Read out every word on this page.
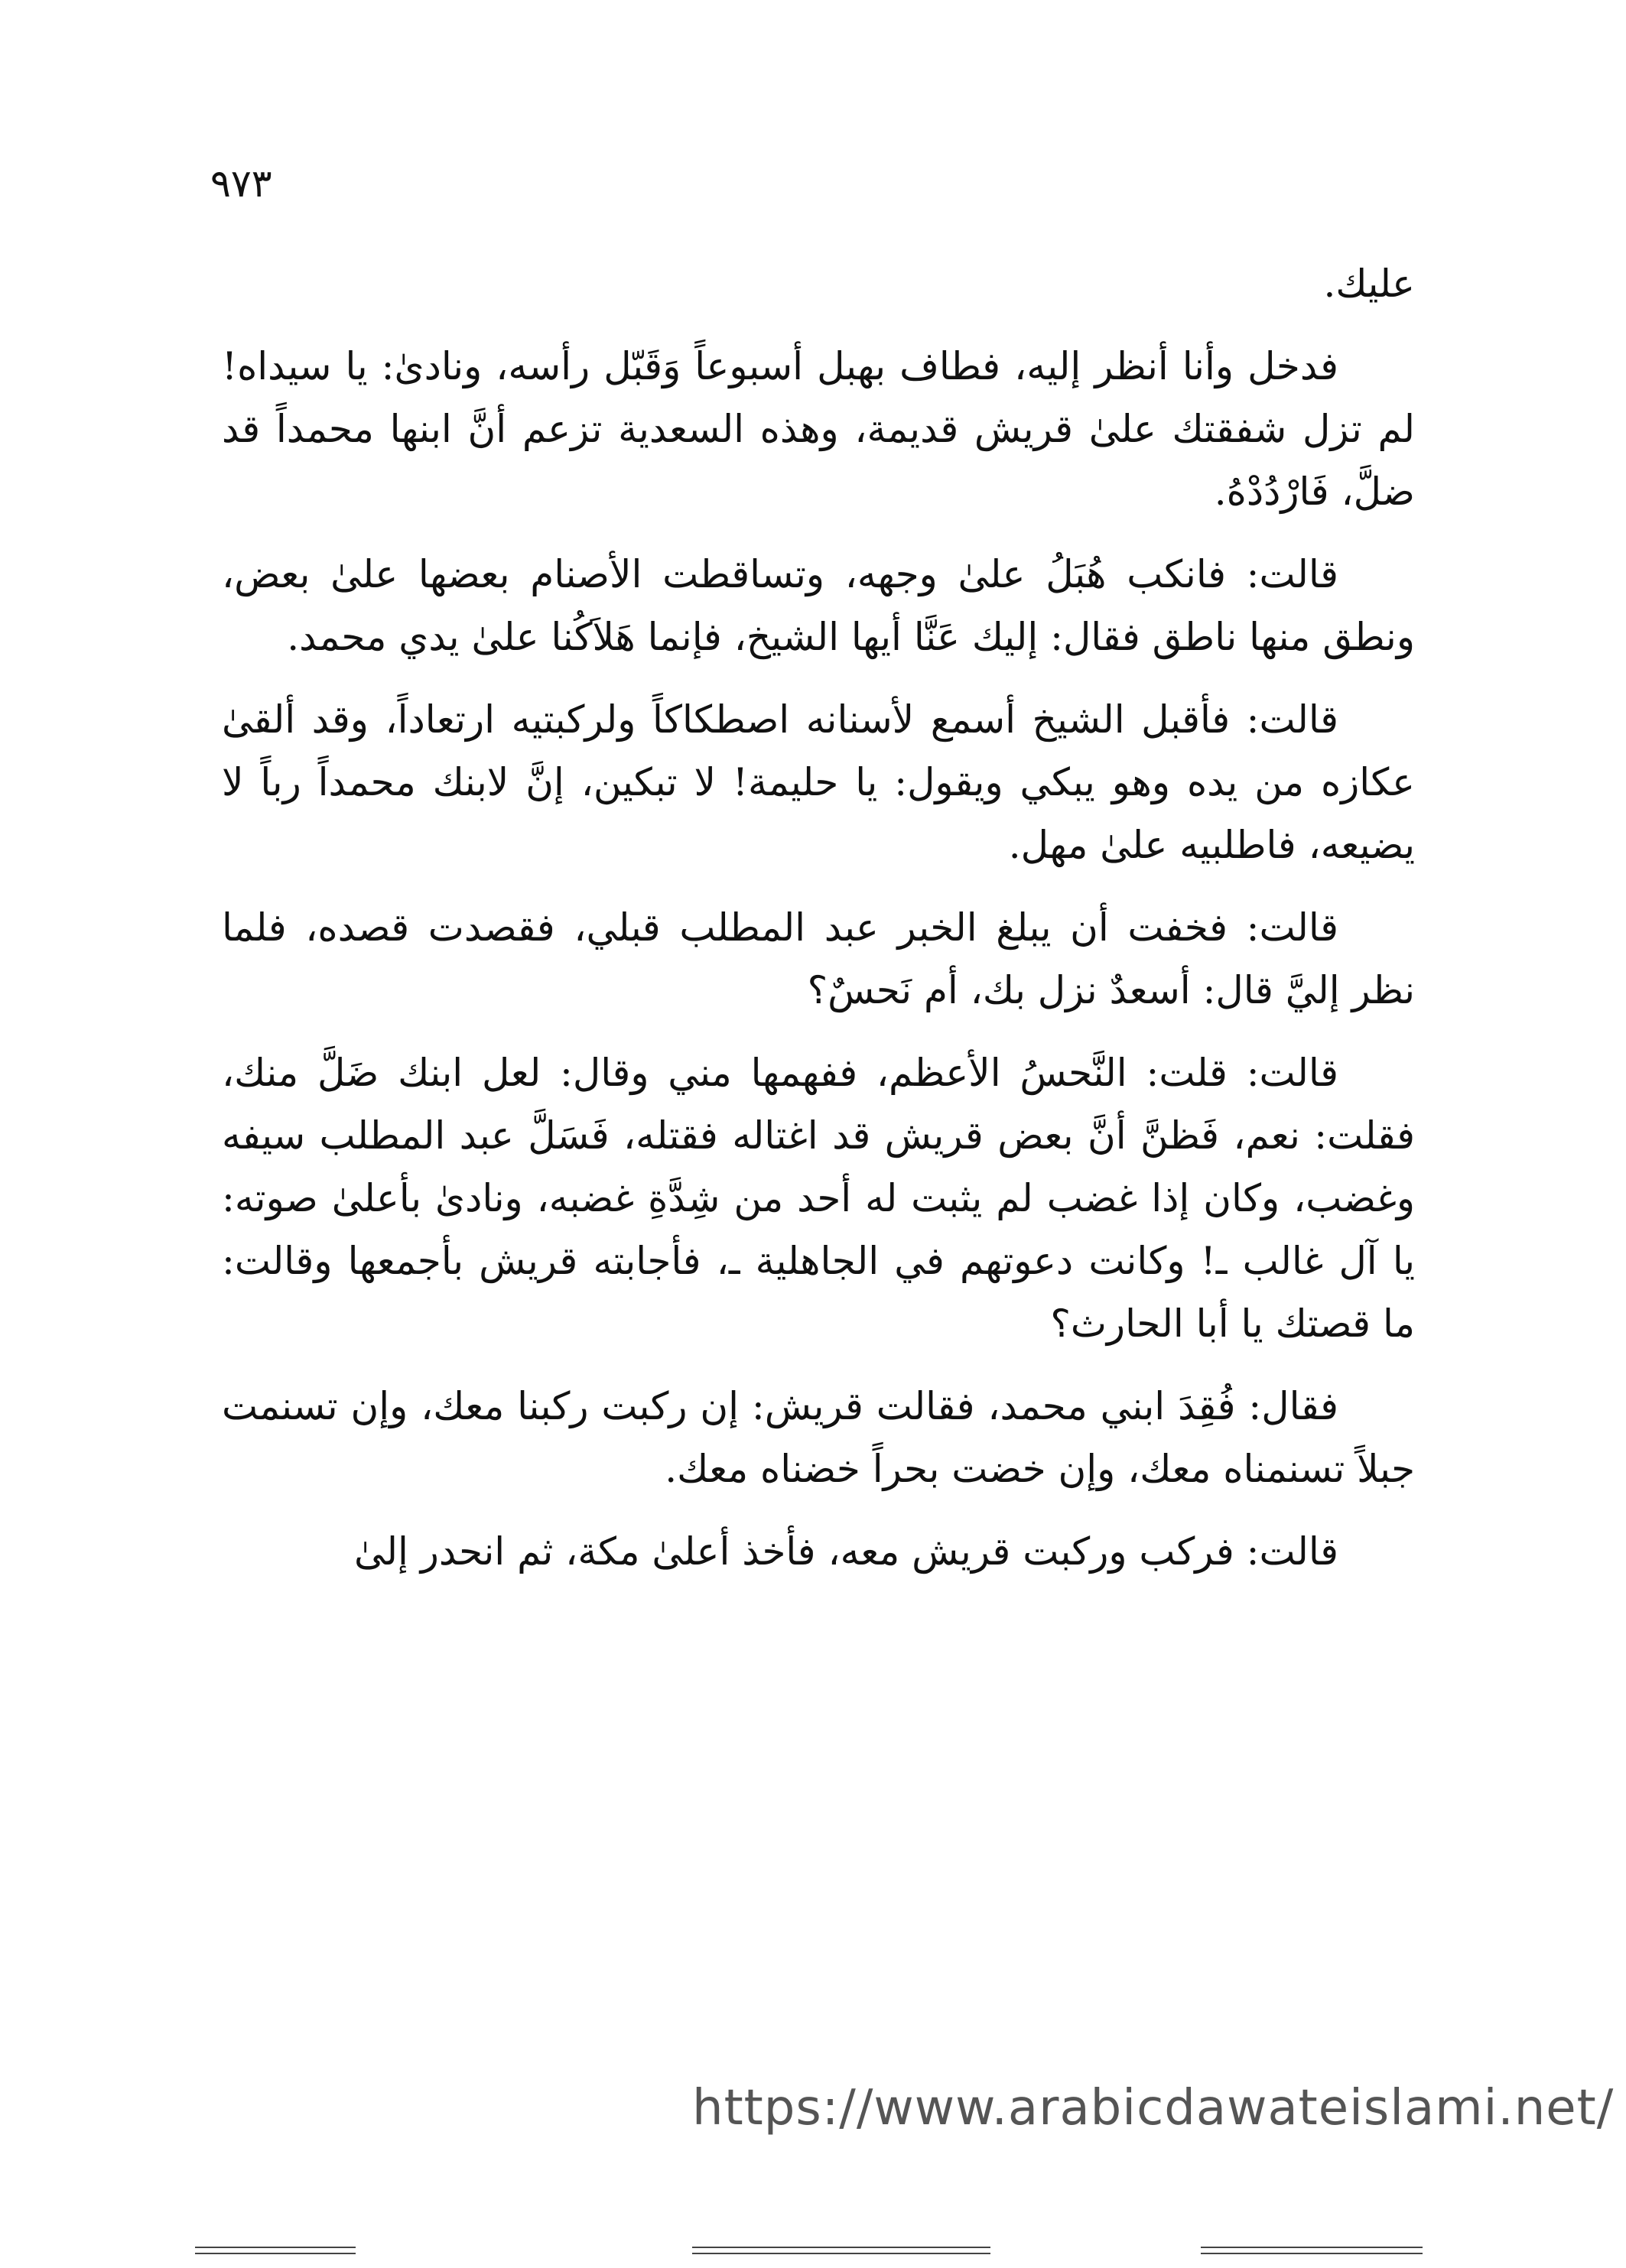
٩٧٣

عليك.

فدخل وأنا أنظر إليه، فطاف بهبل أسبوعاً وَقَبّل رأسه، ونادىٰ: يا سيداه! لم تزل شفقتك علىٰ قريش قديمة، وهذه السعدية تزعم أنَّ ابنها محمداً قد ضلَّ، فَارْدُدْهُ.

قالت: فانكب هُبَلُ علىٰ وجهه، وتساقطت الأصنام بعضها علىٰ بعض، ونطق منها ناطق فقال: إليك عَنَّا أيها الشيخ، فإنما هَلاَكُنا علىٰ يدي محمد.

قالت: فأقبل الشيخ أسمع لأسنانه اصطكاكاً ولركبتيه ارتعاداً، وقد ألقىٰ عكازه من يده وهو يبكي ويقول: يا حليمة! لا تبكين، إنَّ لابنك محمداً رباً لا يضيعه، فاطلبيه علىٰ مهل.

قالت: فخفت أن يبلغ الخبر عبد المطلب قبلي، فقصدت قصده، فلما نظر إليَّ قال: أسعدٌ نزل بك، أم نَحسٌ؟

قالت: قلت: النَّحسُ الأعظم، ففهمها مني وقال: لعل ابنك ضَلَّ منك، فقلت: نعم، فَظنَّ أنَّ بعض قريش قد اغتاله فقتله، فَسَلَّ عبد المطلب سيفه وغضب، وكان إذا غضب لم يثبت له أحد من شِدَّةِ غضبه، ونادىٰ بأعلىٰ صوته: يا آل غالب ـ! وكانت دعوتهم في الجاهلية ـ، فأجابته قريش بأجمعها وقالت: ما قصتك يا أبا الحارث؟

فقال: فُقِدَ ابني محمد، فقالت قريش: إن ركبت ركبنا معك، وإن تسنمت جبلاً تسنمناه معك، وإن خضت بحراً خضناه معك.

قالت: فركب وركبت قريش معه، فأخذ أعلىٰ مكة، ثم انحدر إلىٰ

https://www.arabicdawateislami.net/
